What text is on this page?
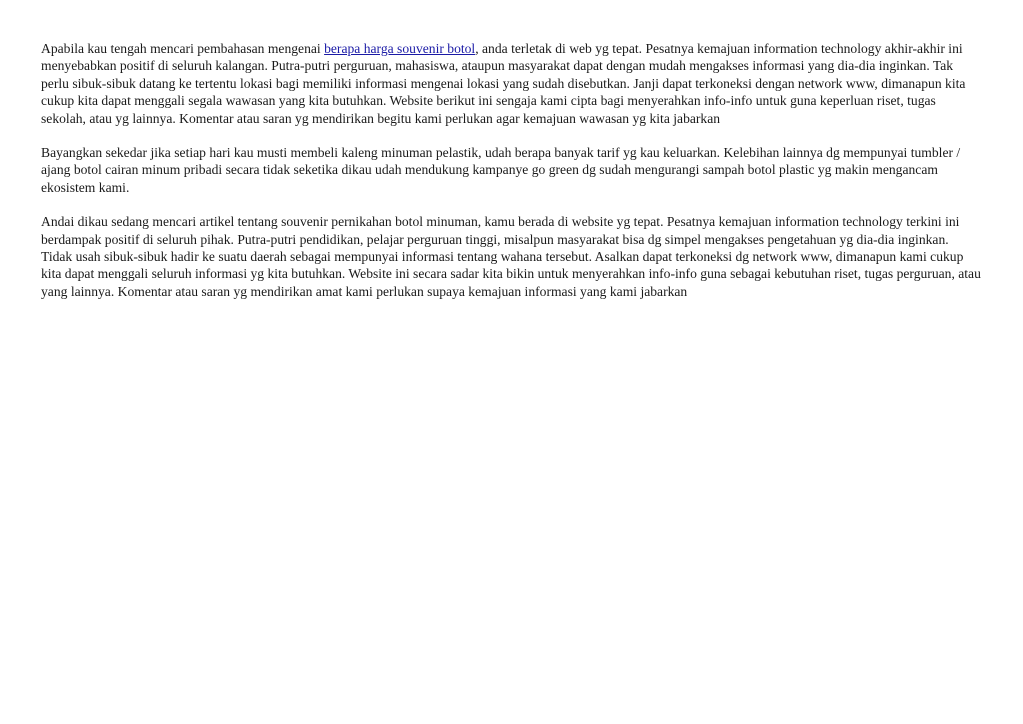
Apabila kau tengah mencari pembahasan mengenai berapa harga souvenir botol, anda terletak di web yg tepat. Pesatnya kemajuan information technology akhir-akhir ini menyebabkan positif di seluruh kalangan. Putra-putri perguruan, mahasiswa, ataupun masyarakat dapat dengan mudah mengakses informasi yang dia-dia inginkan. Tak perlu sibuk-sibuk datang ke tertentu lokasi bagi memiliki informasi mengenai lokasi yang sudah disebutkan. Janji dapat terkoneksi dengan network www, dimanapun kita cukup kita dapat menggali segala wawasan yang kita butuhkan. Website berikut ini sengaja kami cipta bagi menyerahkan info-info untuk guna keperluan riset, tugas sekolah, atau yg lainnya. Komentar atau saran yg mendirikan begitu kami perlukan agar kemajuan wawasan yg kita jabarkan

Bayangkan sekedar jika setiap hari kau musti membeli kaleng minuman pelastik, udah berapa banyak tarif yg kau keluarkan. Kelebihan lainnya dg mempunyai tumbler / ajang botol cairan minum pribadi secara tidak seketika dikau udah mendukung kampanye go green dg sudah mengurangi sampah botol plastic yg makin mengancam ekosistem kami.

Andai dikau sedang mencari artikel tentang souvenir pernikahan botol minuman, kamu berada di website yg tepat. Pesatnya kemajuan information technology terkini ini berdampak positif di seluruh pihak. Putra-putri pendidikan, pelajar perguruan tinggi, misalpun masyarakat bisa dg simpel mengakses pengetahuan yg dia-dia inginkan. Tidak usah sibuk-sibuk hadir ke suatu daerah sebagai mempunyai informasi tentang wahana tersebut. Asalkan dapat terkoneksi dg network www, dimanapun kami cukup kita dapat menggali seluruh informasi yg kita butuhkan. Website ini secara sadar kita bikin untuk menyerahkan info-info guna sebagai kebutuhan riset, tugas perguruan, atau yang lainnya. Komentar atau saran yg mendirikan amat kami perlukan supaya kemajuan informasi yang kami jabarkan
